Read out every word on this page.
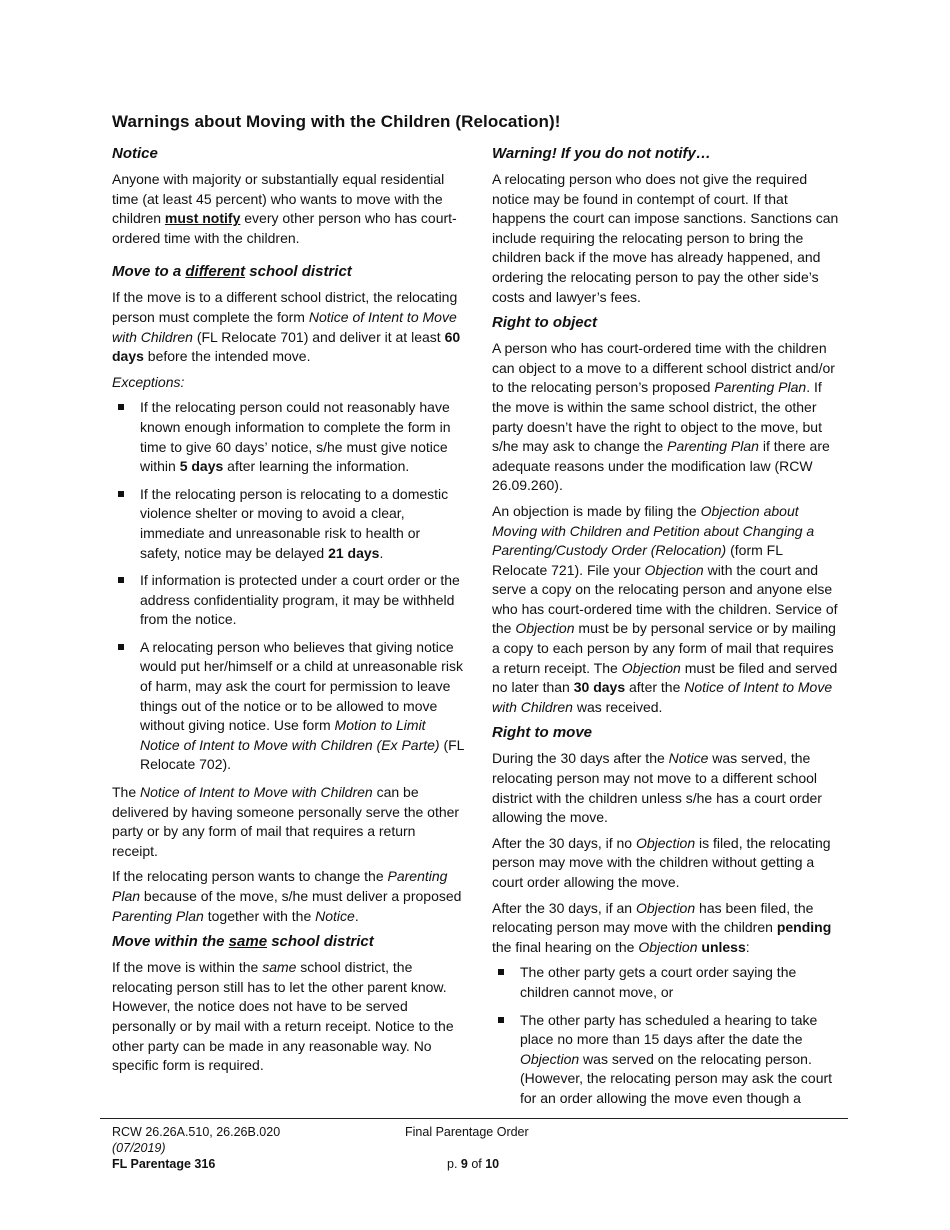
Warnings about Moving with the Children (Relocation)!
Notice

Anyone with majority or substantially equal residential time (at least 45 percent) who wants to move with the children must notify every other person who has court-ordered time with the children.

Move to a different school district

If the move is to a different school district, the relocating person must complete the form Notice of Intent to Move with Children (FL Relocate 701) and deliver it at least 60 days before the intended move.

Exceptions:

If the relocating person could not reasonably have known enough information to complete the form in time to give 60 days’ notice, s/he must give notice within 5 days after learning the information.
If the relocating person is relocating to a domestic violence shelter or moving to avoid a clear, immediate and unreasonable risk to health or safety, notice may be delayed 21 days.
If information is protected under a court order or the address confidentiality program, it may be withheld from the notice.
A relocating person who believes that giving notice would put her/himself or a child at unreasonable risk of harm, may ask the court for permission to leave things out of the notice or to be allowed to move without giving notice. Use form Motion to Limit Notice of Intent to Move with Children (Ex Parte) (FL Relocate 702).

The Notice of Intent to Move with Children can be delivered by having someone personally serve the other party or by any form of mail that requires a return receipt.

If the relocating person wants to change the Parenting Plan because of the move, s/he must deliver a proposed Parenting Plan together with the Notice.

Move within the same school district

If the move is within the same school district, the relocating person still has to let the other parent know. However, the notice does not have to be served personally or by mail with a return receipt. Notice to the other party can be made in any reasonable way. No specific form is required.

Warning! If you do not notify…

A relocating person who does not give the required notice may be found in contempt of court. If that happens the court can impose sanctions. Sanctions can include requiring the relocating person to bring the children back if the move has already happened, and ordering the relocating person to pay the other side’s costs and lawyer’s fees.

Right to object

A person who has court-ordered time with the children can object to a move to a different school district and/or to the relocating person’s proposed Parenting Plan. If the move is within the same school district, the other party doesn’t have the right to object to the move, but s/he may ask to change the Parenting Plan if there are adequate reasons under the modification law (RCW 26.09.260).

An objection is made by filing the Objection about Moving with Children and Petition about Changing a Parenting/Custody Order (Relocation) (form FL Relocate 721). File your Objection with the court and serve a copy on the relocating person and anyone else who has court-ordered time with the children. Service of the Objection must be by personal service or by mailing a copy to each person by any form of mail that requires a return receipt. The Objection must be filed and served no later than 30 days after the Notice of Intent to Move with Children was received.

Right to move

During the 30 days after the Notice was served, the relocating person may not move to a different school district with the children unless s/he has a court order allowing the move.

After the 30 days, if no Objection is filed, the relocating person may move with the children without getting a court order allowing the move.

After the 30 days, if an Objection has been filed, the relocating person may move with the children pending the final hearing on the Objection unless:

The other party gets a court order saying the children cannot move, or
The other party has scheduled a hearing to take place no more than 15 days after the date the Objection was served on the relocating person. (However, the relocating person may ask the court for an order allowing the move even though a
RCW 26.26A.510, 26.26B.020
(07/2019)
FL Parentage 316
Final Parentage Order
p. 9 of 10
